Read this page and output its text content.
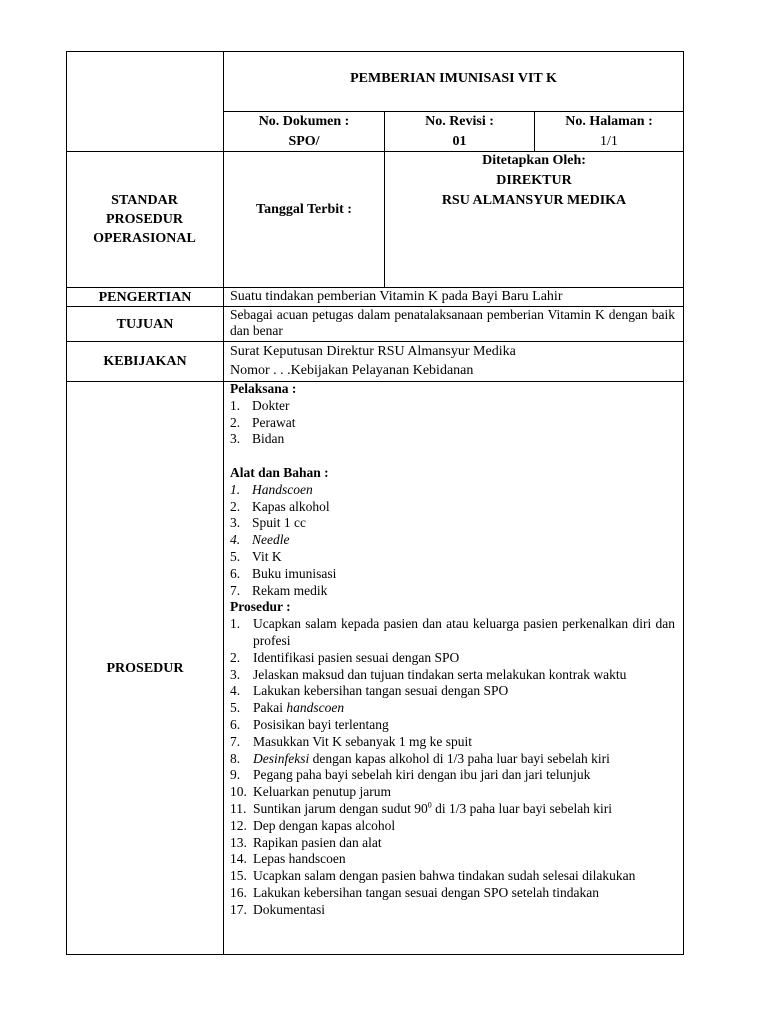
PEMBERIAN IMUNISASI VIT K
No. Dokumen :
SPO/
No. Revisi :
01
No. Halaman :
1/1
STANDAR PROSEDUR OPERASIONAL
Tanggal Terbit :
Ditetapkan Oleh:
DIREKTUR
RSU ALMANSYUR MEDIKA
PENGERTIAN	Suatu tindakan pemberian Vitamin K pada Bayi Baru Lahir
TUJUAN
Sebagai acuan petugas dalam penatalaksanaan pemberian Vitamin K dengan baik dan benar
KEBIJAKAN
Surat Keputusan Direktur RSU Almansyur Medika
Nomor . . .Kebijakan Pelayanan Kebidanan
PROSEDUR
Pelaksana :
1. Dokter
2. Perawat
3. Bidan
Alat dan Bahan :
1. Handscoen
2. Kapas alkohol
3. Spuit 1 cc
4. Needle
5. Vit K
6. Buku imunisasi
7. Rekam medik
Prosedur :
1. Ucapkan salam kepada pasien dan atau keluarga pasien perkenalkan diri dan profesi
2. Identifikasi pasien sesuai dengan SPO
3. Jelaskan maksud dan tujuan tindakan serta melakukan kontrak waktu
4. Lakukan kebersihan tangan sesuai dengan SPO
5. Pakai handscoen
6. Posisikan bayi terlentang
7. Masukkan Vit K sebanyak 1 mg ke spuit
8. Desinfeksi dengan kapas alkohol di 1/3 paha luar bayi sebelah kiri
9. Pegang paha bayi sebelah kiri dengan ibu jari dan jari telunjuk
10. Keluarkan penutup jarum
11. Suntikan jarum dengan sudut $90^0$ di 1/3 paha luar bayi sebelah kiri
12. Dep dengan kapas alcohol
13. Rapikan pasien dan alat
14. Lepas handscoen
15. Ucapkan salam dengan pasien bahwa tindakan sudah selesai dilakukan
16. Lakukan kebersihan tangan sesuai dengan SPO setelah tindakan
17. Dokumentasi
